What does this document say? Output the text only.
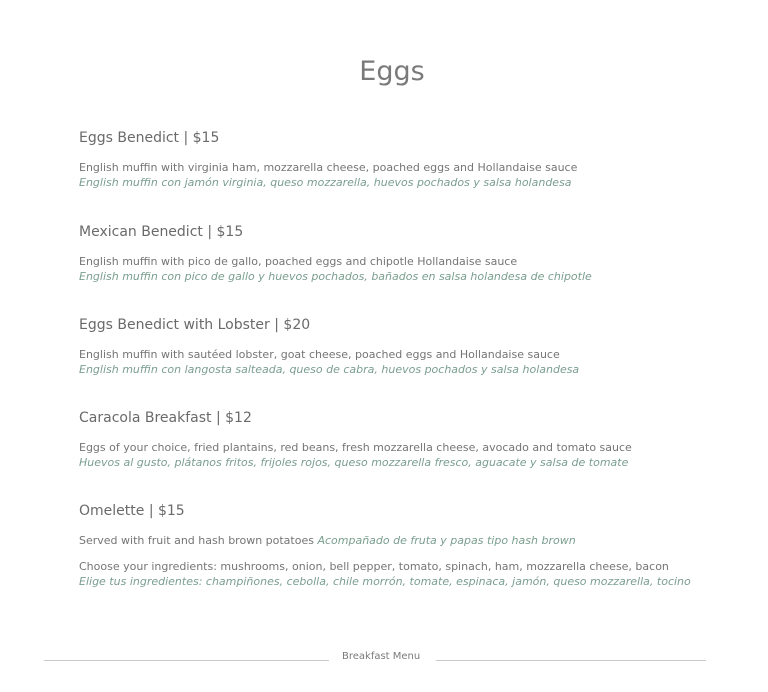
Eggs
Eggs Benedict | $15
English muffin with virginia ham, mozzarella cheese, poached eggs and Hollandaise sauce
English muffin con jamón virginia, queso mozzarella, huevos pochados y salsa holandesa
Mexican Benedict | $15
English muffin with pico de gallo, poached eggs and chipotle Hollandaise sauce
English muffin con pico de gallo y huevos pochados, bañados en salsa holandesa de chipotle
Eggs Benedict with Lobster | $20
English muffin with sautéed lobster, goat cheese, poached eggs and Hollandaise sauce
English muffin con langosta salteada, queso de cabra, huevos pochados y salsa holandesa
Caracola Breakfast | $12
Eggs of your choice, fried plantains, red beans, fresh mozzarella cheese, avocado and tomato sauce
Huevos al gusto, plátanos fritos, frijoles rojos, queso mozzarella fresco, aguacate y salsa de tomate
Omelette | $15
Served with fruit and hash brown potatoes Acompañado de fruta y papas tipo hash brown
Choose your ingredients: mushrooms, onion, bell pepper, tomato, spinach, ham, mozzarella cheese, bacon
Elige tus ingredientes: champiñones, cebolla, chile morrón, tomate, espinaca, jamón, queso mozzarella, tocino
Breakfast Menu
